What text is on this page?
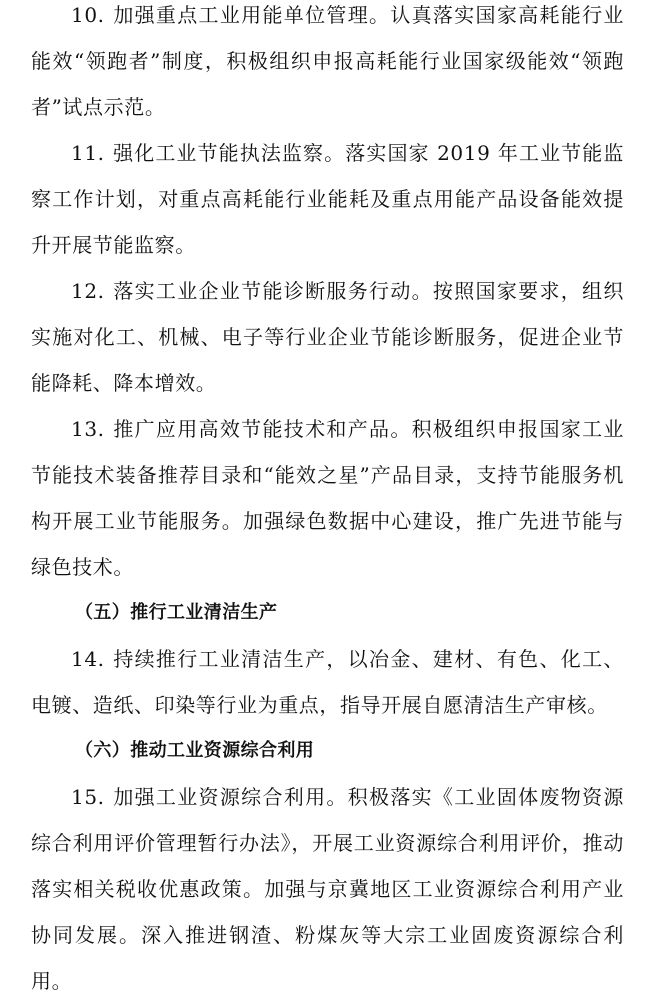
10. 加强重点工业用能单位管理。认真落实国家高耗能行业能效“领跑者”制度，积极组织申报高耗能行业国家级能效“领跑者”试点示范。

11. 强化工业节能执法监察。落实国家 2019 年工业节能监察工作计划，对重点高耗能行业能耗及重点用能产品设备能效提升开展节能监察。

12. 落实工业企业节能诊断服务行动。按照国家要求，组织实施对化工、机械、电子等行业企业节能诊断服务，促进企业节能降耗、降本增效。

13. 推广应用高效节能技术和产品。积极组织申报国家工业节能技术装备推荐目录和“能效之星”产品目录，支持节能服务机构开展工业节能服务。加强绿色数据中心建设，推广先进节能与绿色技术。

（五）推行工业清洁生产

14. 持续推行工业清洁生产，以冶金、建材、有色、化工、电镀、造纸、印染等行业为重点，指导开展自愿清洁生产审核。

（六）推动工业资源综合利用

15. 加强工业资源综合利用。积极落实《工业固体废物资源综合利用评价管理暂行办法》，开展工业资源综合利用评价，推动落实相关税收优惠政策。加强与京冀地区工业资源综合利用产业协同发展。深入推进钢渣、粉煤灰等大宗工业固废资源综合利用。
